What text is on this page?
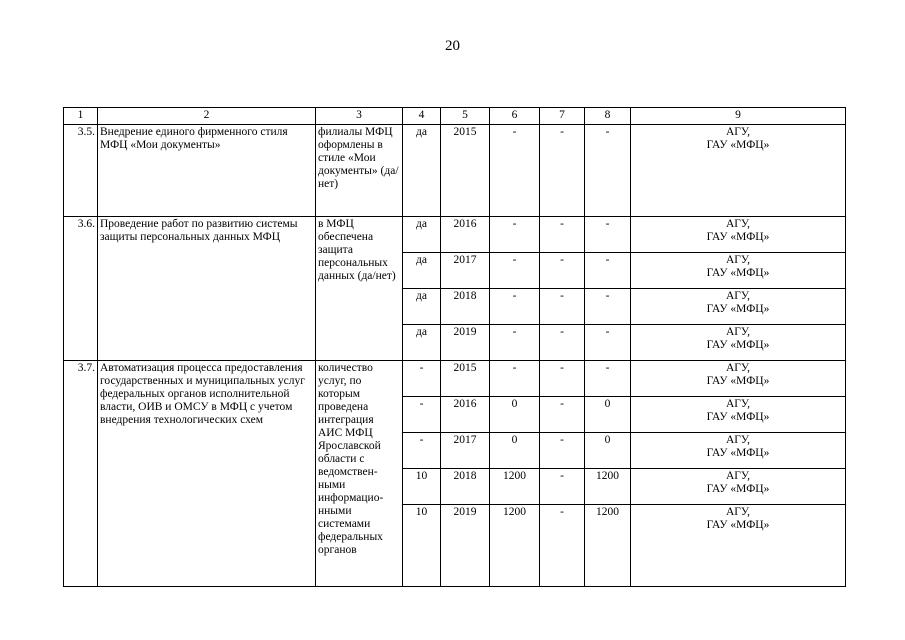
20
1	2	3	4	5	6	7	8	9
3.5.	Внедрение единого фирменного стиля МФЦ «Мои документы»	филиалы МФЦ оформлены в стиле «Мои документы» (да/нет)	да	2015	-	-	-	АГУ,
ГАУ «МФЦ»
3.6.	Проведение работ по развитию системы защиты персональных данных МФЦ	в МФЦ обеспечена защита персональных данных (да/нет)	да	2016	-	-	-	АГУ,
ГАУ «МФЦ»
			да	2017	-	-	-	АГУ,
ГАУ «МФЦ»
			да	2018	-	-	-	АГУ,
ГАУ «МФЦ»
			да	2019	-	-	-	АГУ,
ГАУ «МФЦ»
3.7.	Автоматизация процесса предоставления государственных и муниципальных услуг федеральных органов исполнительной власти, ОИВ и ОМСУ в МФЦ с учетом внедрения технологических схем	количество услуг, по которым проведена интеграция АИС МФЦ Ярославской области с ведомствен-ными информацио-нными системами федеральных органов	-	2015	-	-	-	АГУ,
ГАУ «МФЦ»
			-	2016	0	-	0	АГУ,
ГАУ «МФЦ»
			-	2017	0	-	0	АГУ,
ГАУ «МФЦ»
			10	2018	1200	-	1200	АГУ,
ГАУ «МФЦ»
			10	2019	1200	-	1200	АГУ,
ГАУ «МФЦ»
